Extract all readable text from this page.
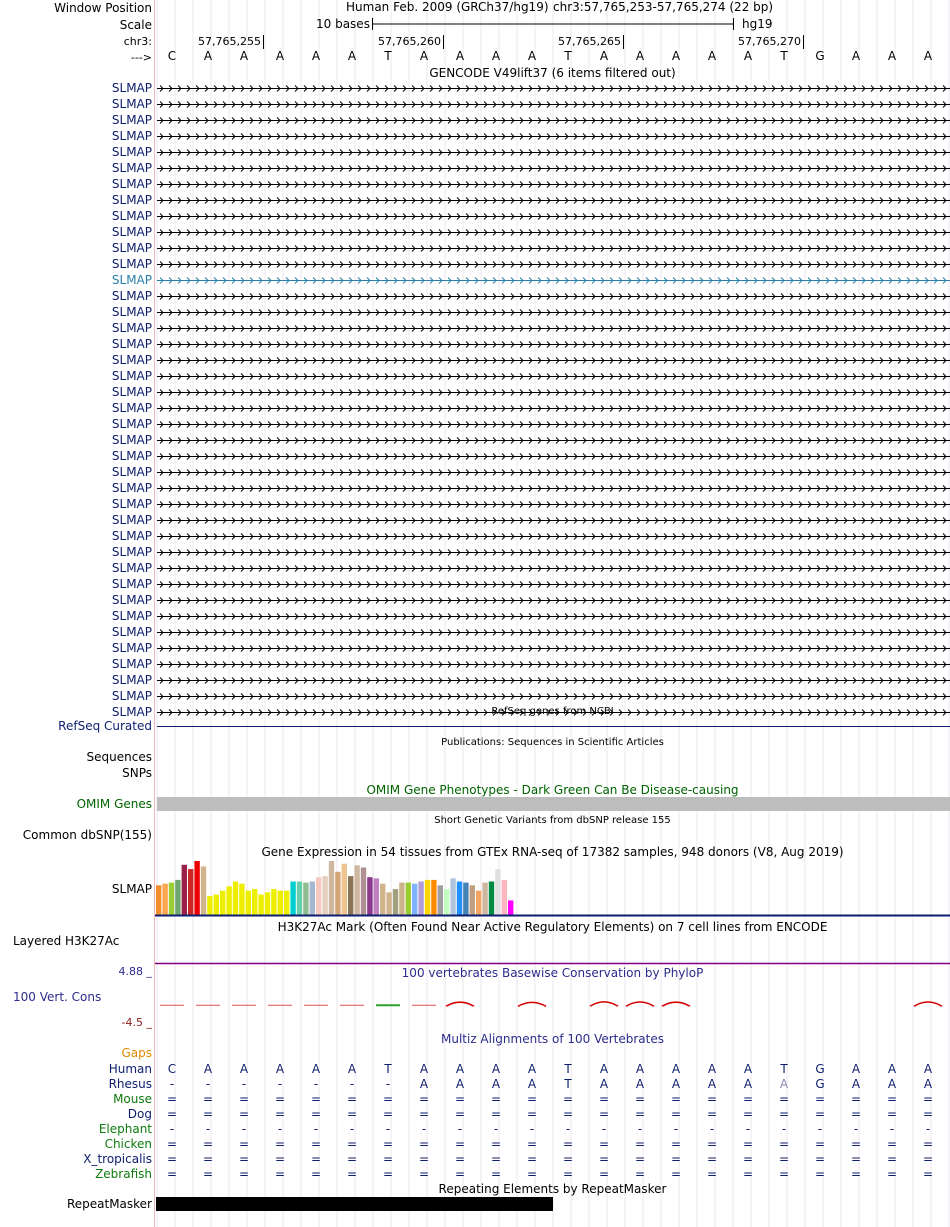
Window Position
Scale
chr3:
--->
Human Feb. 2009 (GRCh37/hg19) chr3:57,765,253-57,765,274 (22 bp)
10 bases	hg19
57,765,255	57,765,260	57,765,265	57,765,270
C	A	A	A	A	A	T	A	A	A	A	T	A	A	A	A	A	T	G	A	A	A
GENCODE V49lift37 (6 items filtered out)
SLMAP
SLMAP
SLMAP
SLMAP
SLMAP
SLMAP
SLMAP
SLMAP
SLMAP
SLMAP
SLMAP
SLMAP
SLMAP
SLMAP
SLMAP
SLMAP
SLMAP
SLMAP
SLMAP
SLMAP
SLMAP
SLMAP
SLMAP
SLMAP
SLMAP
SLMAP
SLMAP
SLMAP
SLMAP
SLMAP
SLMAP
SLMAP
SLMAP
SLMAP
SLMAP
SLMAP
SLMAP
SLMAP
SLMAP
SLMAP	RefSeq genes from NCBI
RefSeq Curated
Publications: Sequences in Scientific Articles
Sequences
SNPs
OMIM Gene Phenotypes - Dark Green Can Be Disease-causing
OMIM Genes
Short Genetic Variants from dbSNP release 155
Common dbSNP(155)
Gene Expression in 54 tissues from GTEx RNA-seq of 17382 samples, 948 donors (V8, Aug 2019)
SLMAP
H3K27Ac Mark (Often Found Near Active Regulatory Elements) on 7 cell lines from ENCODE
Layered H3K27Ac
100 vertebrates Basewise Conservation by PhyloP
4.88 _
100 Vert. Cons
-4.5 _
Multiz Alignments of 100 Vertebrates
Gaps
Human	C	A	A	A	A	A	T	A	A	A	A	T	A	A	A	A	A	T	G	A	A	A
Rhesus	-	-	-	-	-	-	-	A	A	A	A	T	A	A	A	A	A	A	G	A	A	A
Mouse	=	=	=	=	=	=	=	=	=	=	=	=	=	=	=	=	=	=	=	=	=	=
Dog	=	=	=	=	=	=	=	=	=	=	=	=	=	=	=	=	=	=	=	=	=	=
Elephant	-	-	-	-	-	-	-	-	-	-	-	-	-	-	-	-	-	-	-	-	-	-
Chicken	=	=	=	=	=	=	=	=	=	=	=	=	=	=	=	=	=	=	=	=	=	=
X_tropicalis	=	=	=	=	=	=	=	=	=	=	=	=	=	=	=	=	=	=	=	=	=	=
Zebrafish	=	=	=	=	=	=	=	=	=	=	=	=	=	=	=	=	=	=	=	=	=	=
Repeating Elements by RepeatMasker
RepeatMasker
